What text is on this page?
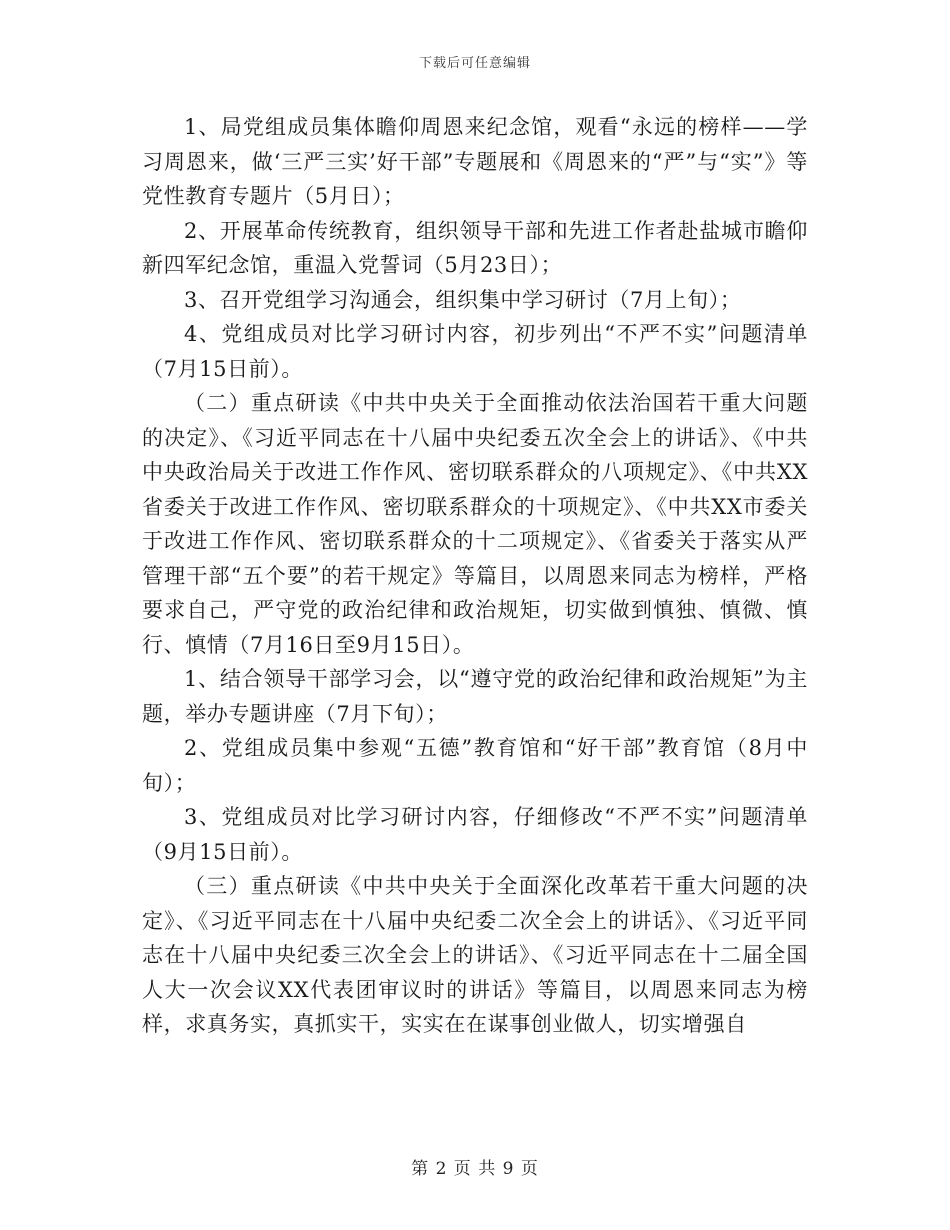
下载后可任意编辑

1、局党组成员集体瞻仰周恩来纪念馆，观看“永远的榜样——学习周恩来，做‘三严三实’好干部”专题展和《周恩来的“严”与“实”》等党性教育专题片（5月日）；

2、开展革命传统教育，组织领导干部和先进工作者赴盐城市瞻仰新四军纪念馆，重温入党誓词（5月23日）；

3、召开党组学习沟通会，组织集中学习研讨（7月上旬）；

4、党组成员对比学习研讨内容，初步列出“不严不实”问题清单（7月15日前）。

（二）重点研读《中共中央关于全面推动依法治国若干重大问题的决定》、《习近平同志在十八届中央纪委五次全会上的讲话》、《中共中央政治局关于改进工作作风、密切联系群众的八项规定》、《中共XX省委关于改进工作作风、密切联系群众的十项规定》、《中共XX市委关于改进工作作风、密切联系群众的十二项规定》、《省委关于落实从严管理干部“五个要”的若干规定》等篇目，以周恩来同志为榜样，严格要求自己，严守党的政治纪律和政治规矩，切实做到慎独、慎微、慎行、慎情（7月16日至9月15日）。

1、结合领导干部学习会，以“遵守党的政治纪律和政治规矩”为主题，举办专题讲座（7月下旬）；

2、党组成员集中参观“五德”教育馆和“好干部”教育馆（8月中旬）；

3、党组成员对比学习研讨内容，仔细修改“不严不实”问题清单（9月15日前）。

（三）重点研读《中共中央关于全面深化改革若干重大问题的决定》、《习近平同志在十八届中央纪委二次全会上的讲话》、《习近平同志在十八届中央纪委三次全会上的讲话》、《习近平同志在十二届全国人大一次会议XX代表团审议时的讲话》等篇目，以周恩来同志为榜样，求真务实，真抓实干，实实在在谋事创业做人，切实增强自

第 2 页 共 9 页
